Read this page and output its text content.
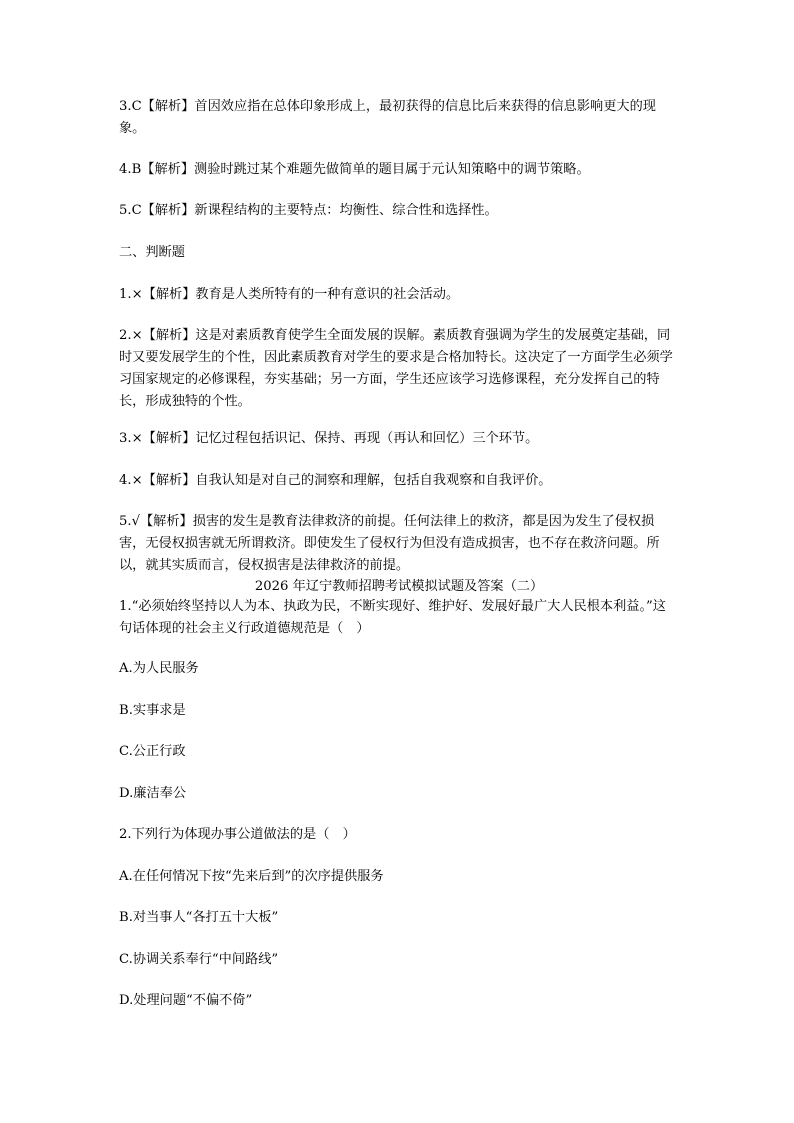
3.C【解析】首因效应指在总体印象形成上，最初获得的信息比后来获得的信息影响更大的现象。

4.B【解析】测验时跳过某个难题先做简单的题目属于元认知策略中的调节策略。

5.C【解析】新课程结构的主要特点：均衡性、综合性和选择性。

二、判断题

1.×【解析】教育是人类所特有的一种有意识的社会活动。

2.×【解析】这是对素质教育使学生全面发展的误解。素质教育强调为学生的发展奠定基础，同时又要发展学生的个性，因此素质教育对学生的要求是合格加特长。这决定了一方面学生必须学习国家规定的必修课程，夯实基础；另一方面，学生还应该学习选修课程，充分发挥自己的特长，形成独特的个性。

3.×【解析】记忆过程包括识记、保持、再现（再认和回忆）三个环节。

4.×【解析】自我认知是对自己的洞察和理解，包括自我观察和自我评价。

5.√【解析】损害的发生是教育法律救济的前提。任何法律上的救济，都是因为发生了侵权损害，无侵权损害就无所谓救济。即使发生了侵权行为但没有造成损害，也不存在救济问题。所以，就其实质而言，侵权损害是法律救济的前提。

2026 年辽宁教师招聘考试模拟试题及答案（二）

1.“必须始终坚持以人为本、执政为民，不断实现好、维护好、发展好最广大人民根本利益。”这句话体现的社会主义行政道德规范是（　）

A.为人民服务

B.实事求是

C.公正行政

D.廉洁奉公

2.下列行为体现办事公道做法的是（　）

A.在任何情况下按“先来后到”的次序提供服务

B.对当事人“各打五十大板”

C.协调关系奉行“中间路线”

D.处理问题“不偏不倚”
